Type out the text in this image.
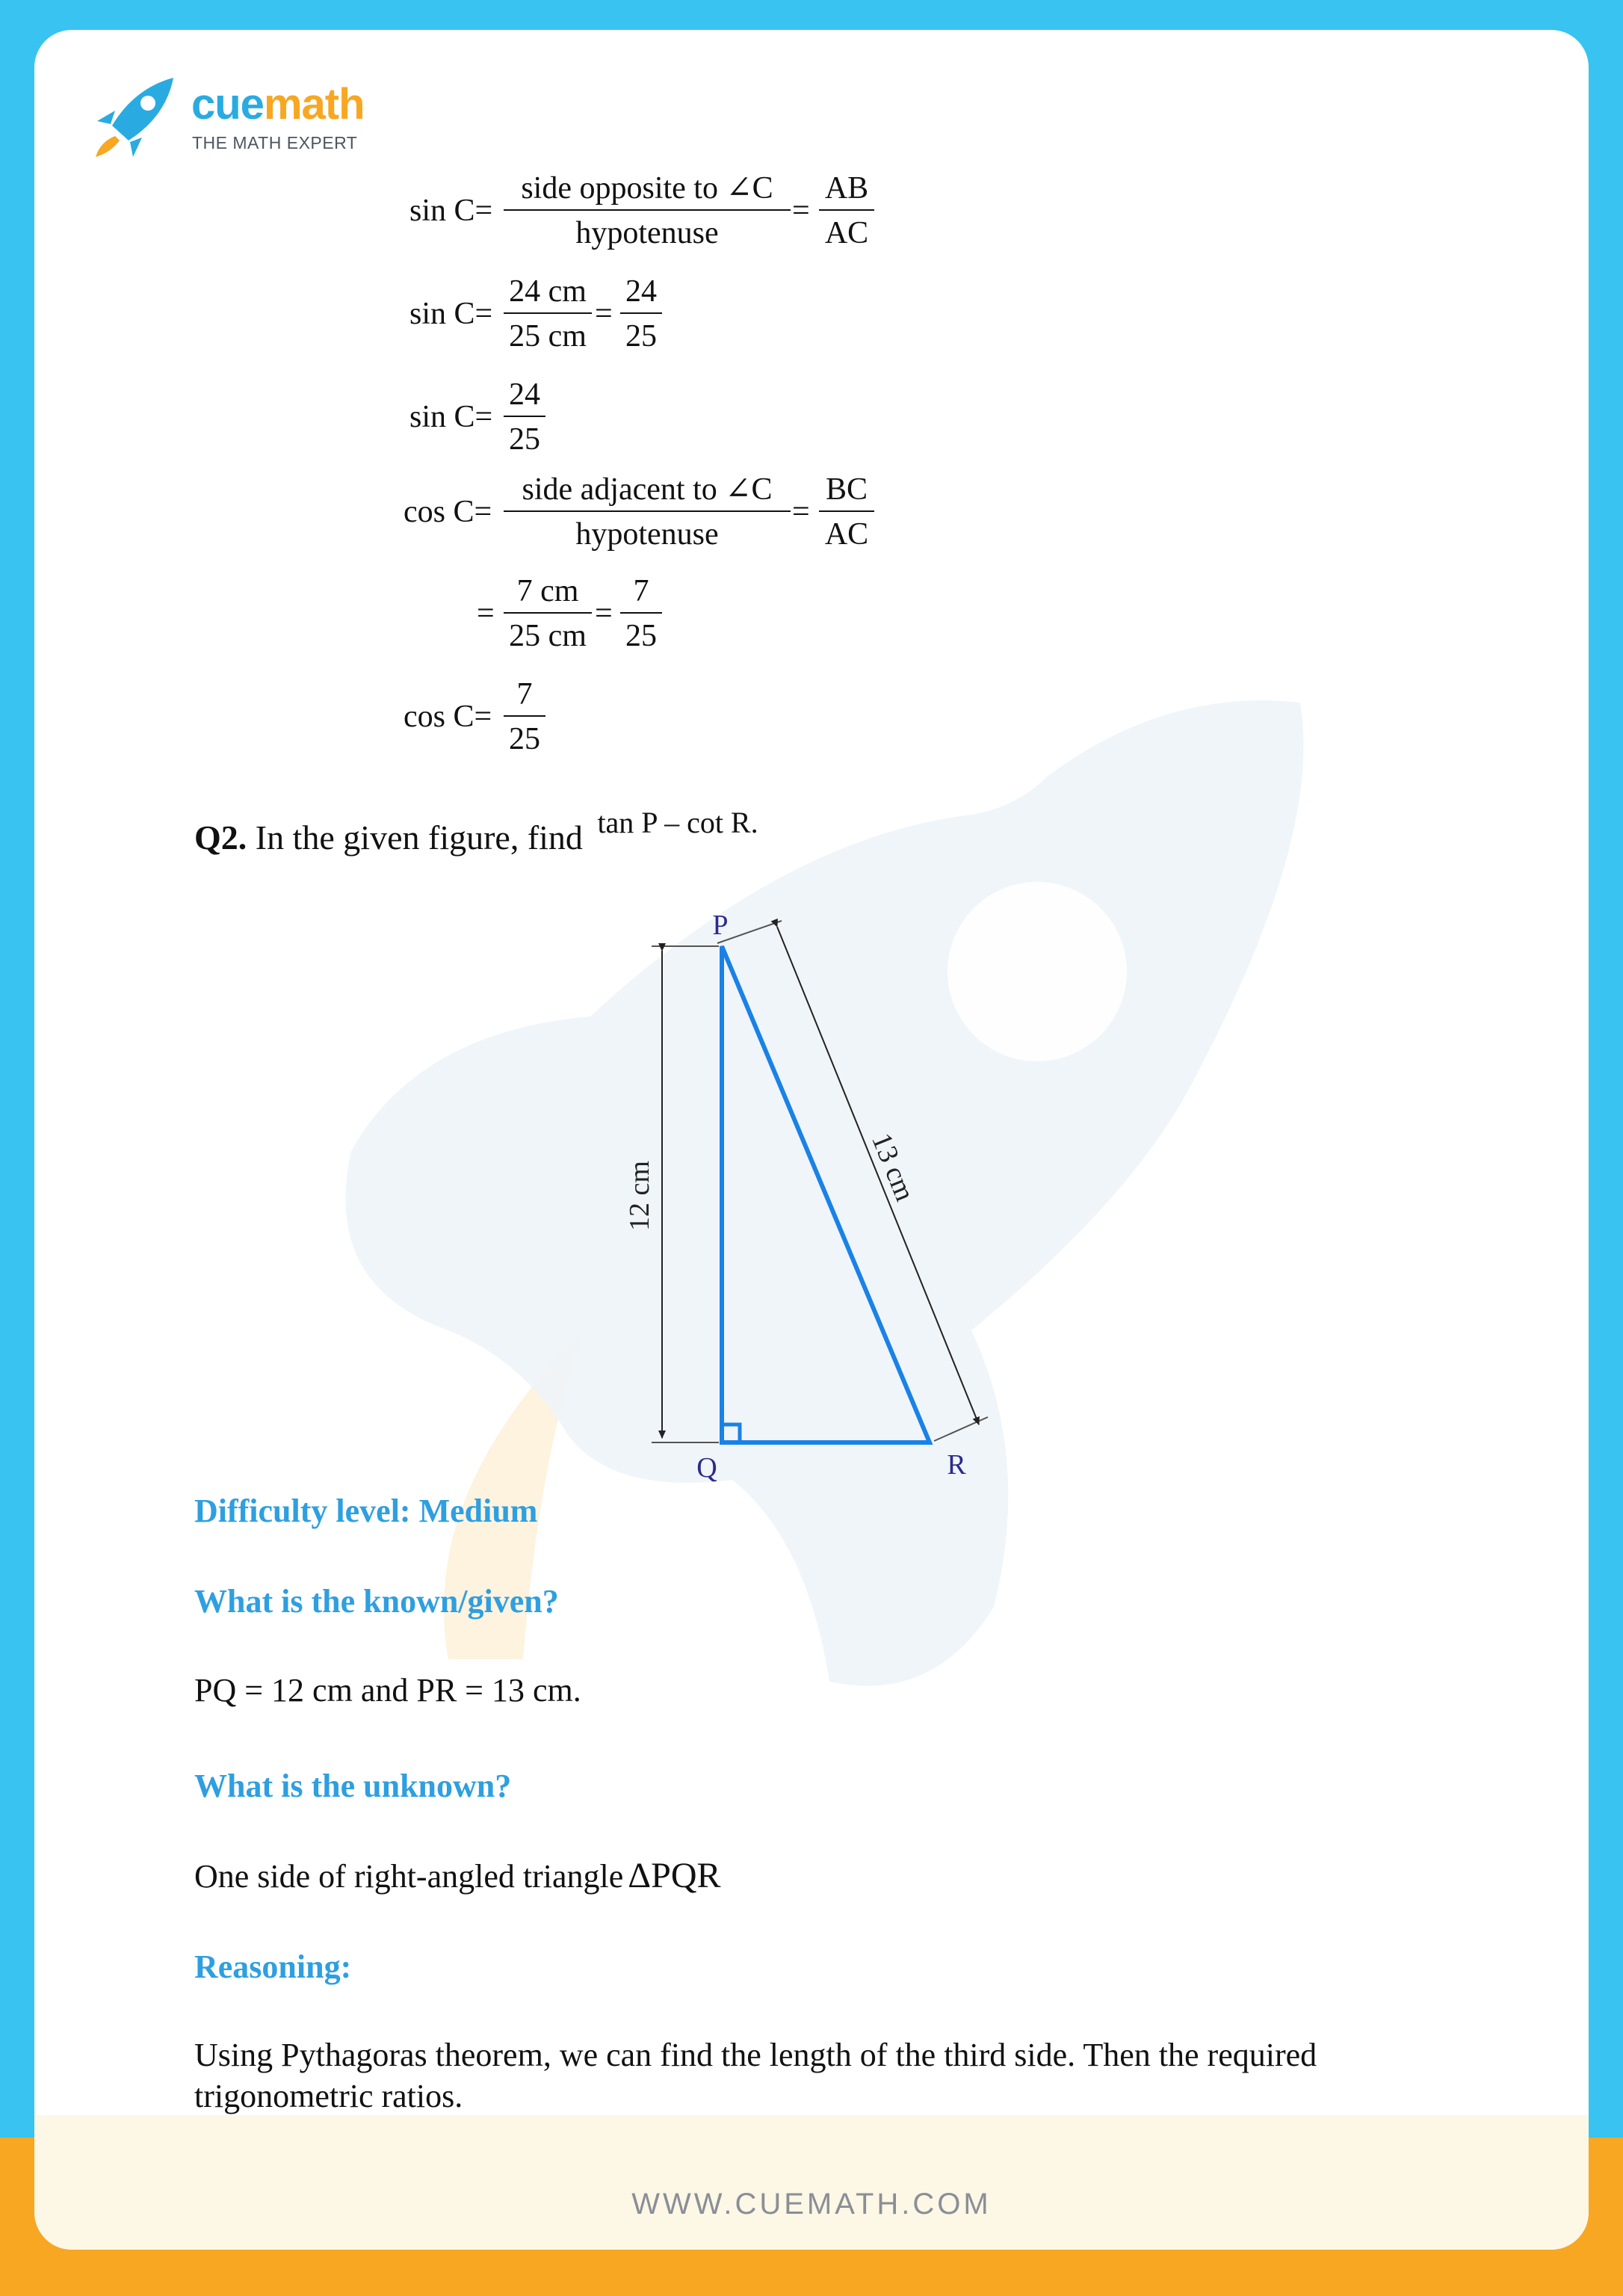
cuemath
THE MATH EXPERT
sin C=
side opposite to ∠C
hypotenuse
= $\frac{AB}{AC}$
$\sin C= \frac{24 cm}{25 cm} = \frac{24}{25}$
$\sin C= \frac{24}{25}$
cos C=
side adjacent to ∠C
hypotenuse
= $\frac{BC}{AC}$
= $\frac{7 cm}{25 cm} = \frac{7}{25}$
$\cos C= \frac{7}{25}$
Q2. In the given figure, find tan P – cot R.
12 cm	13 cm
P
Q	R
Difficulty level: Medium
What is the known/given?
PQ = 12 cm and PR = 13 cm.
What is the unknown?
One side of right-angled triangle ΔPQR
Reasoning:
Using Pythagoras theorem, we can find the length of the third side. Then the required
trigonometric ratios.
WWW.CUEMATH.COM
